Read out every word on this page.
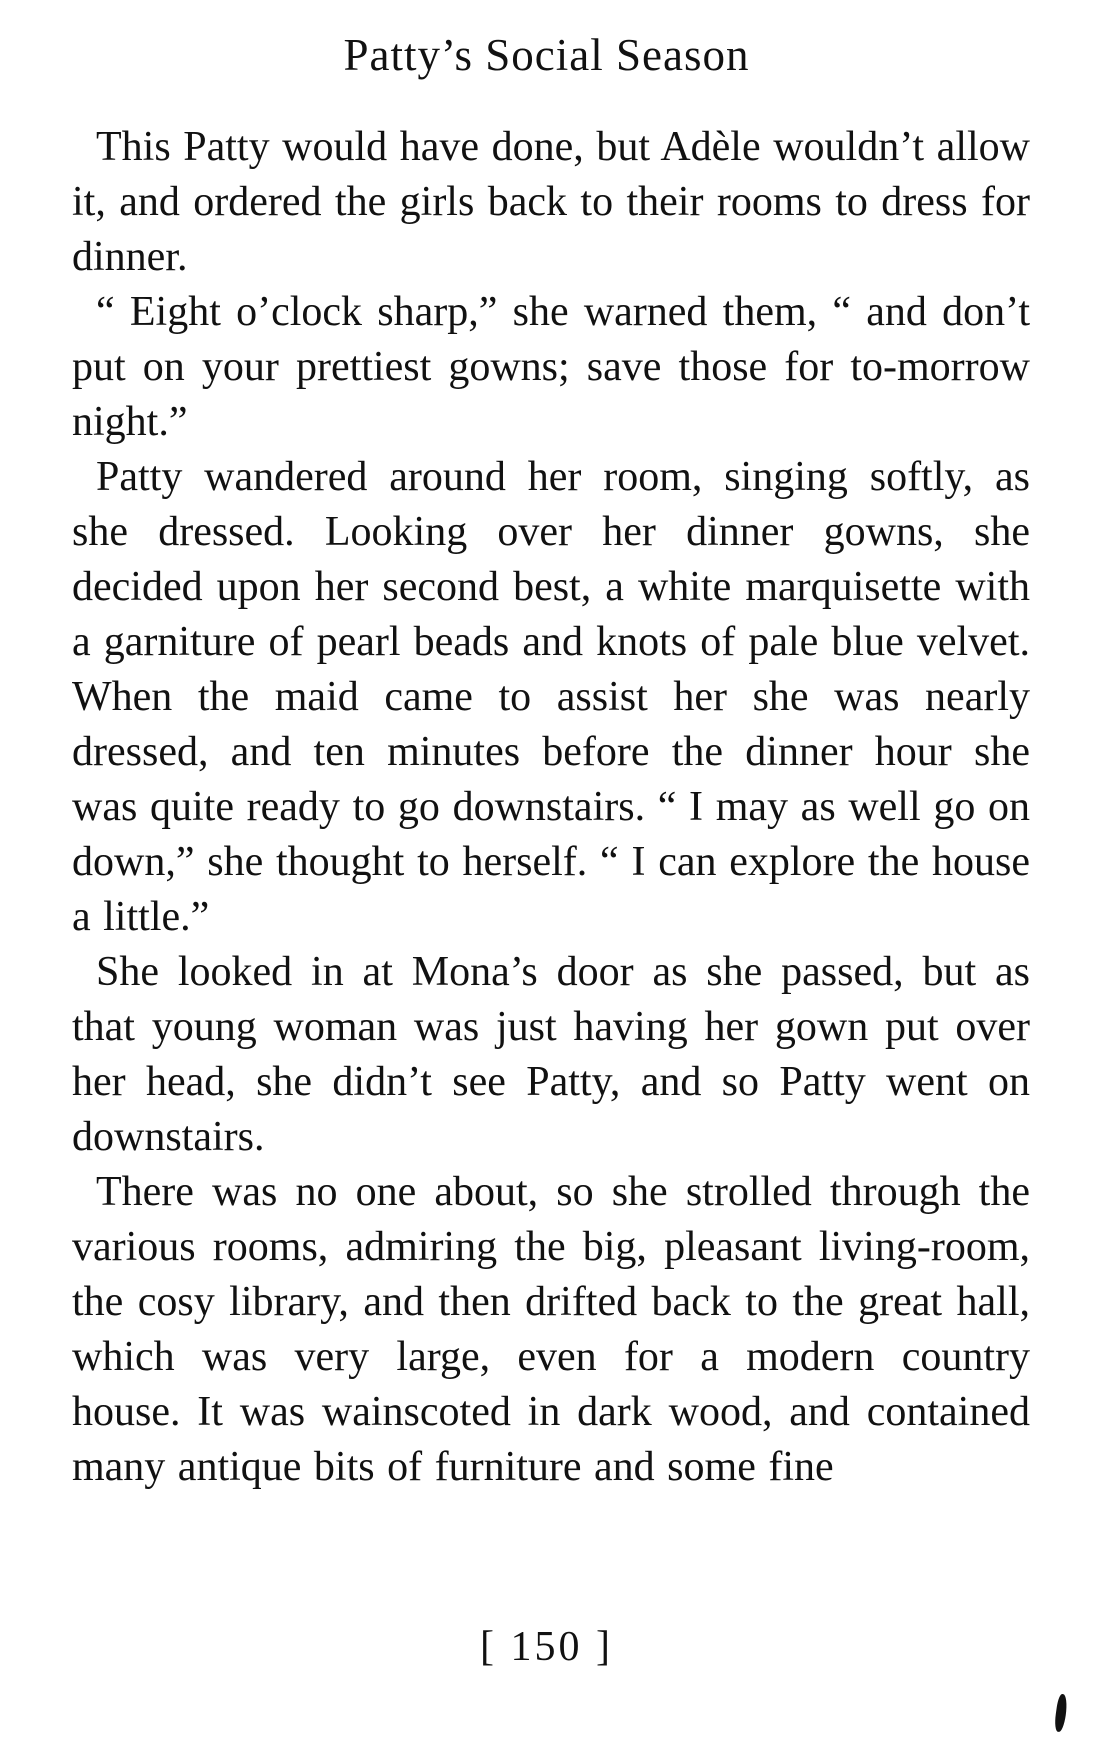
Patty’s Social Season

This Patty would have done, but Adèle wouldn’t allow it, and ordered the girls back to their rooms to dress for dinner.

“ Eight o’clock sharp,” she warned them, “ and don’t put on your prettiest gowns; save those for to-morrow night.”

Patty wandered around her room, singing softly, as she dressed. Looking over her dinner gowns, she decided upon her second best, a white marquisette with a garniture of pearl beads and knots of pale blue velvet. When the maid came to assist her she was nearly dressed, and ten minutes before the dinner hour she was quite ready to go downstairs. “ I may as well go on down,” she thought to herself. “ I can explore the house a little.”

She looked in at Mona’s door as she passed, but as that young woman was just having her gown put over her head, she didn’t see Patty, and so Patty went on downstairs.

There was no one about, so she strolled through the various rooms, admiring the big, pleasant living-room, the cosy library, and then drifted back to the great hall, which was very large, even for a modern country house. It was wainscoted in dark wood, and contained many antique bits of furniture and some fine

[ 150 ]
